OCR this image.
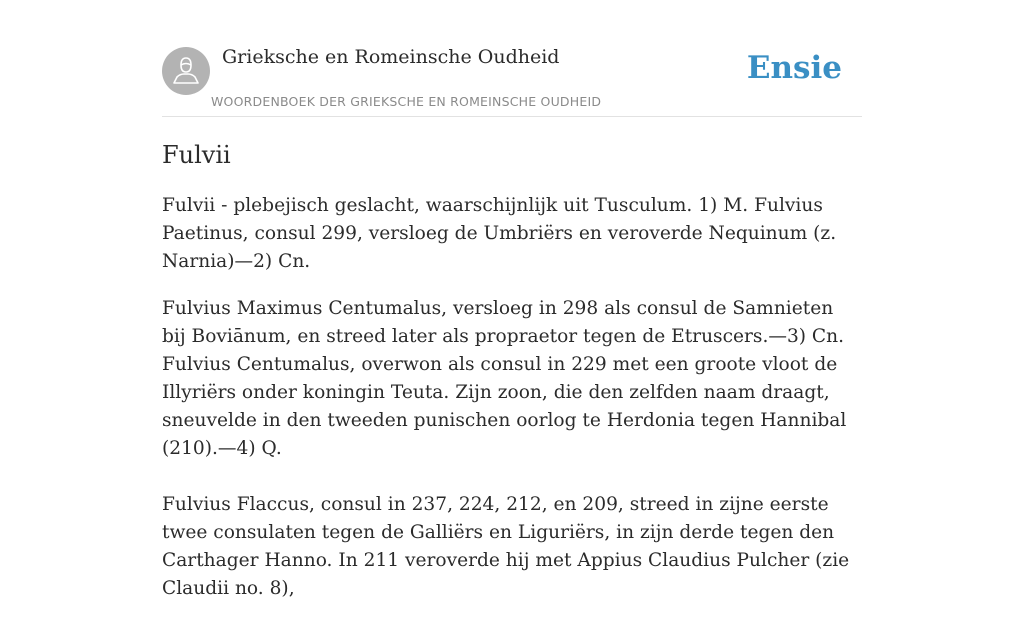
Grieksche en Romeinsche Oudheid
WOORDENBOEK DER GRIEKSCHE EN ROMEINSCHE OUDHEID
Ensie
Fulvii

Fulvii - plebejisch geslacht, waarschijnlijk uit Tusculum. 1) M. Fulvius Paetinus, consul 299, versloeg de Umbriërs en veroverde Nequinum (z. Narnia)—2) Cn.

Fulvius Maximus Centumalus, versloeg in 298 als consul de Samnieten bij Boviānum, en streed later als propraetor tegen de Etruscers.—3) Cn. Fulvius Centumalus, overwon als consul in 229 met een groote vloot de Illyriërs onder koningin Teuta. Zijn zoon, die den zelfden naam draagt, sneuvelde in den tweeden punischen oorlog te Herdonia tegen Hannibal (210).—4) Q.

Fulvius Flaccus, consul in 237, 224, 212, en 209, streed in zijne eerste twee consulaten tegen de Galliërs en Liguriërs, in zijn derde tegen den Carthager Hanno. In 211 veroverde hij met Appius Claudius Pulcher (zie Claudii no. 8),
